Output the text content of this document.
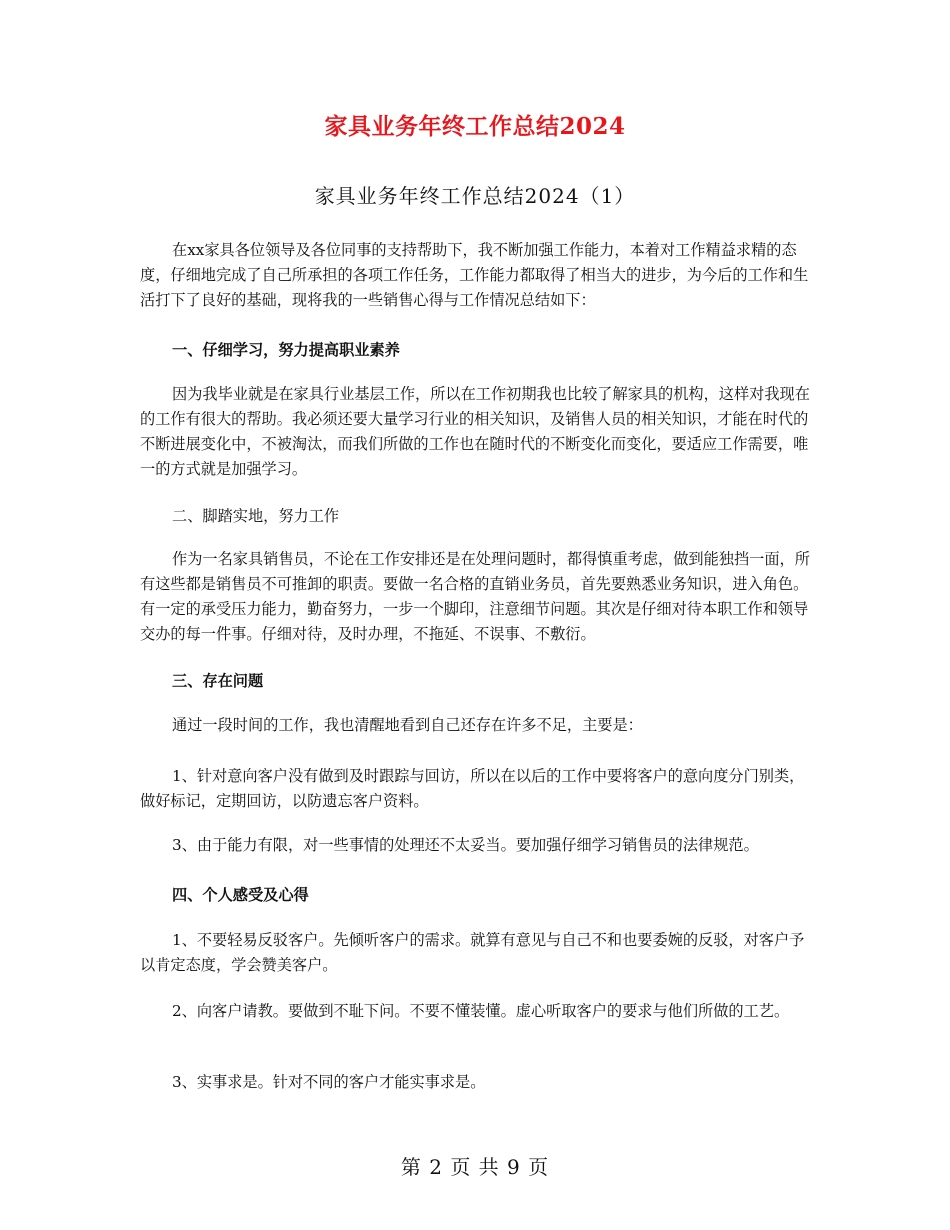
家具业务年终工作总结2024
家具业务年终工作总结2024（1）

在xx家具各位领导及各位同事的支持帮助下，我不断加强工作能力，本着对工作精益求精的态度，仔细地完成了自己所承担的各项工作任务，工作能力都取得了相当大的进步，为今后的工作和生活打下了良好的基础，现将我的一些销售心得与工作情况总结如下：

一、仔细学习，努力提高职业素养

因为我毕业就是在家具行业基层工作，所以在工作初期我也比较了解家具的机构，这样对我现在的工作有很大的帮助。我必须还要大量学习行业的相关知识，及销售人员的相关知识，才能在时代的不断进展变化中，不被淘汰，而我们所做的工作也在随时代的不断变化而变化，要适应工作需要，唯一的方式就是加强学习。

二、脚踏实地，努力工作

作为一名家具销售员，不论在工作安排还是在处理问题时，都得慎重考虑，做到能独挡一面，所有这些都是销售员不可推卸的职责。要做一名合格的直销业务员，首先要熟悉业务知识，进入角色。有一定的承受压力能力，勤奋努力，一步一个脚印，注意细节问题。其次是仔细对待本职工作和领导交办的每一件事。仔细对待，及时办理，不拖延、不误事、不敷衍。

三、存在问题

通过一段时间的工作，我也清醒地看到自己还存在许多不足，主要是：

1、针对意向客户没有做到及时跟踪与回访，所以在以后的工作中要将客户的意向度分门别类，做好标记，定期回访，以防遗忘客户资料。

3、由于能力有限，对一些事情的处理还不太妥当。要加强仔细学习销售员的法律规范。

四、个人感受及心得

1、不要轻易反驳客户。先倾听客户的需求。就算有意见与自己不和也要委婉的反驳，对客户予以肯定态度，学会赞美客户。

2、向客户请教。要做到不耻下问。不要不懂装懂。虚心听取客户的要求与他们所做的工艺。

3、实事求是。针对不同的客户才能实事求是。

第 2 页 共 9 页
